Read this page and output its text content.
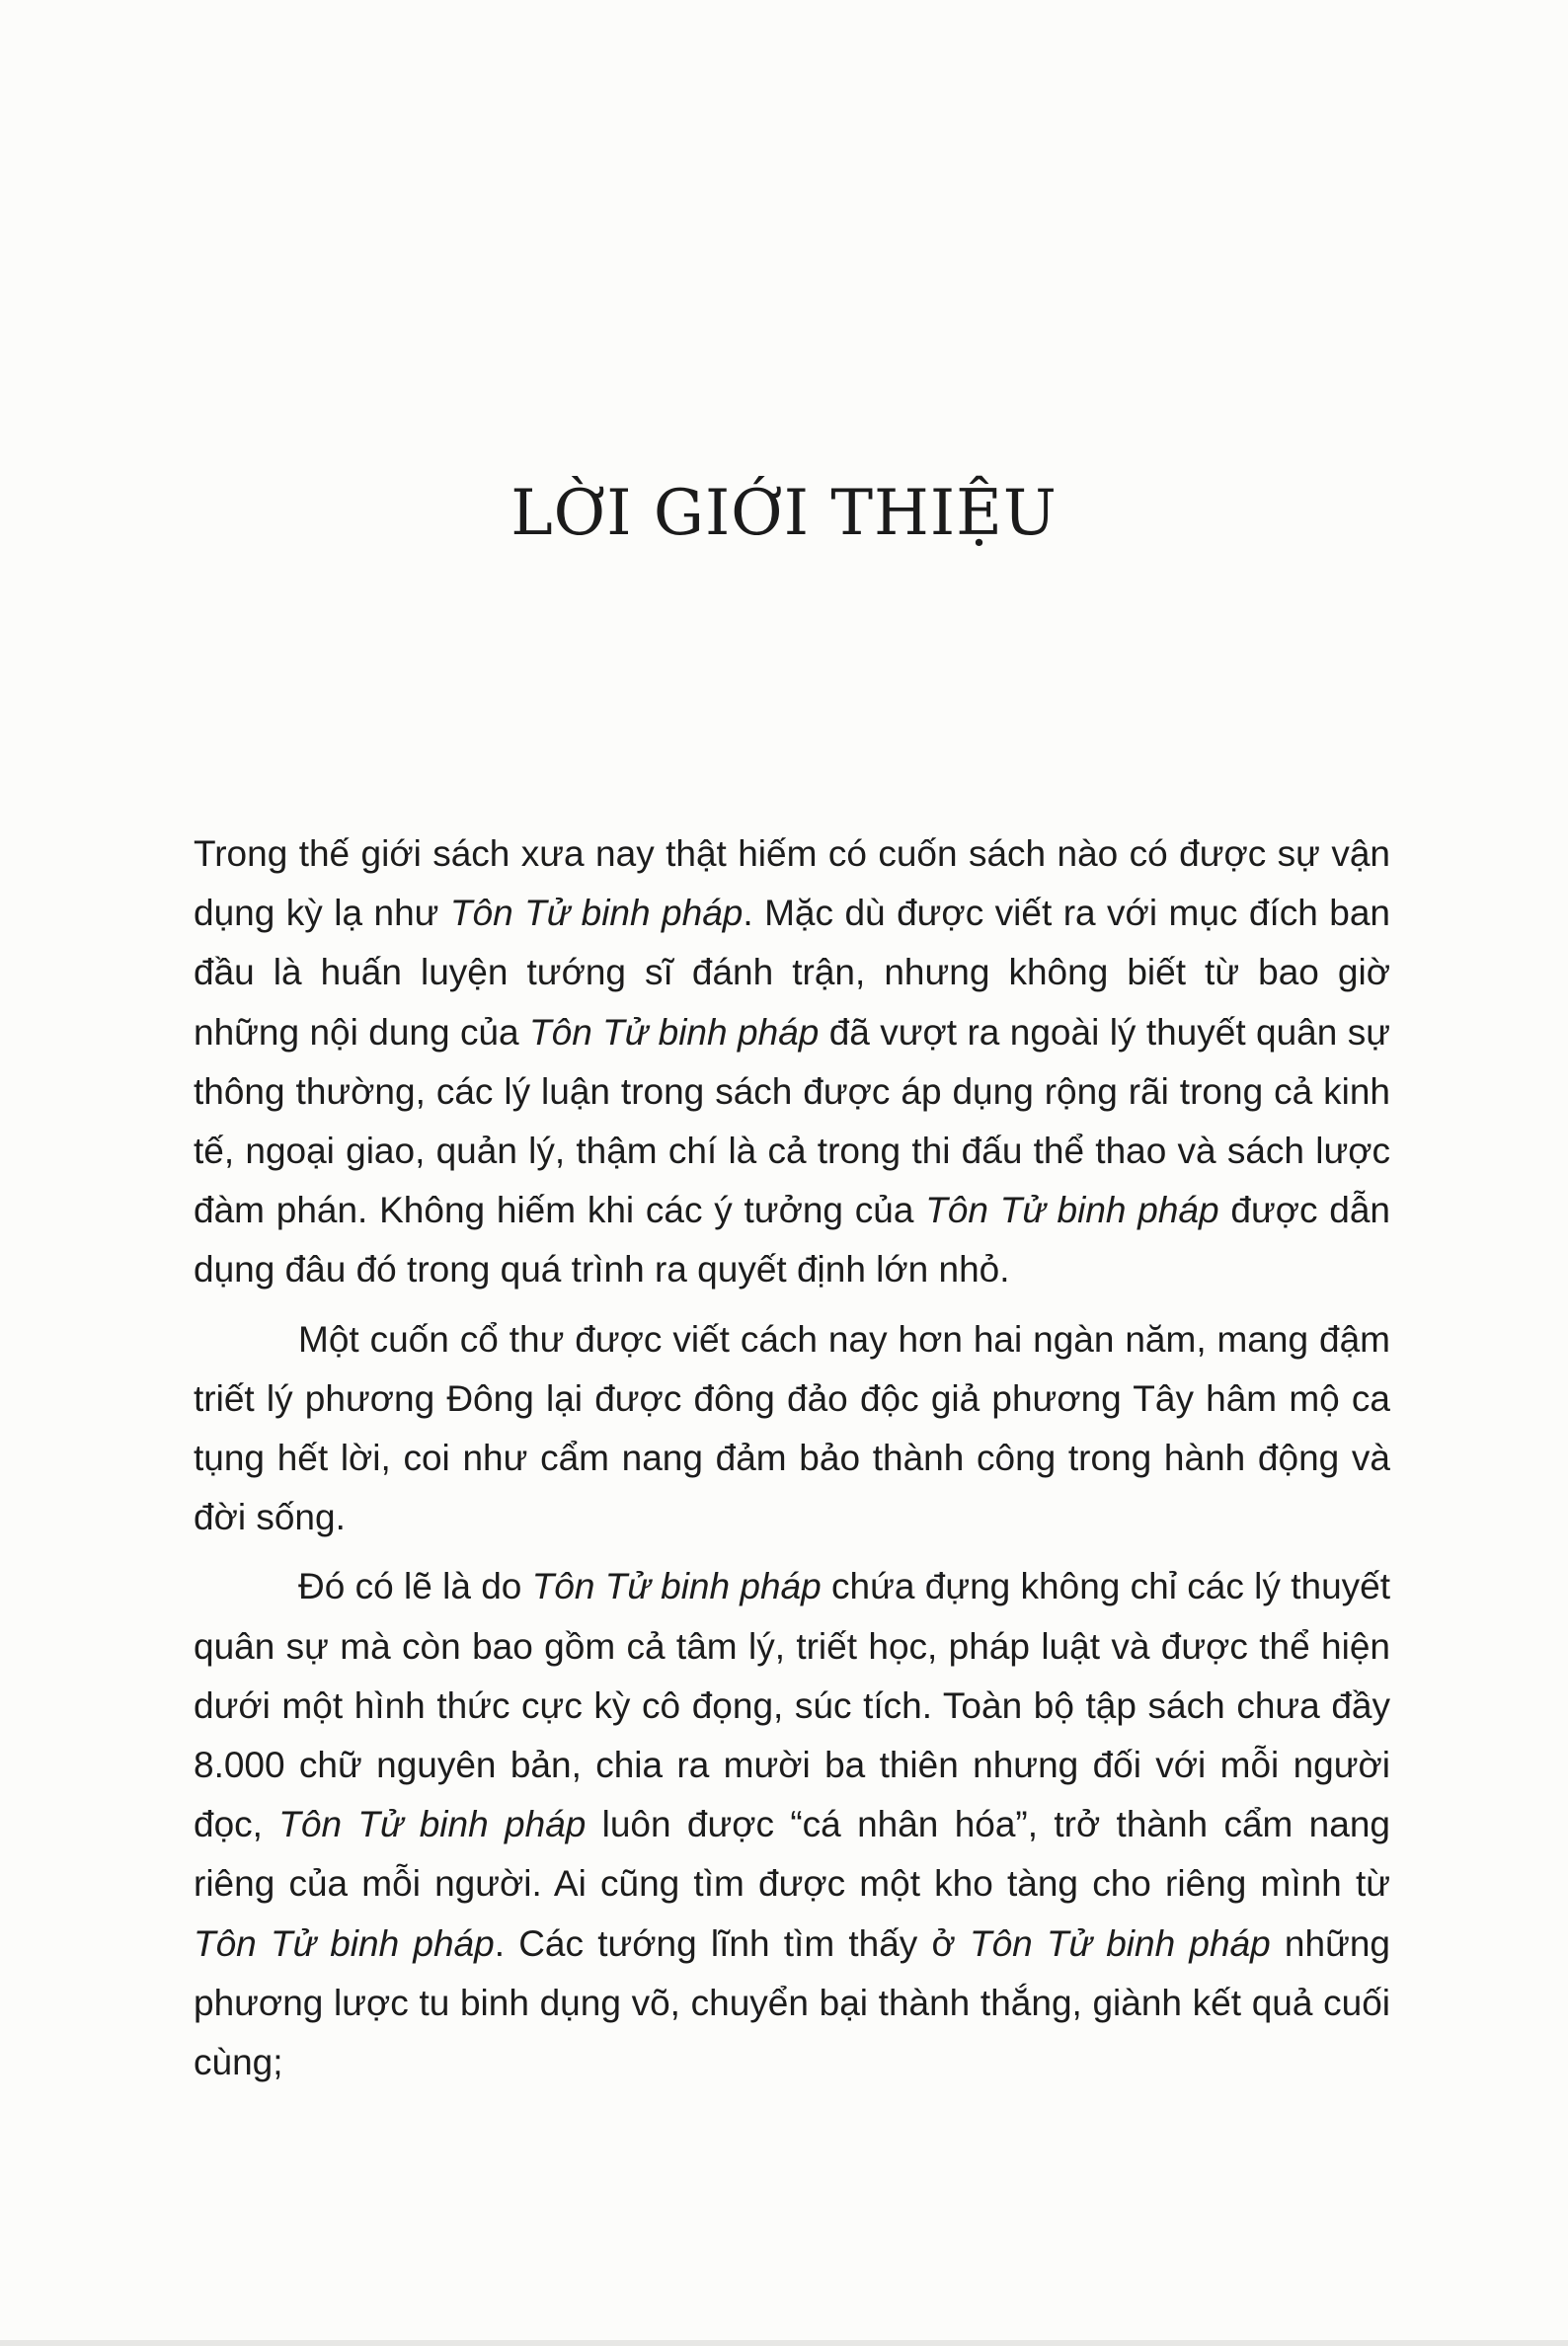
LỜI GIỚI THIỆU

Trong thế giới sách xưa nay thật hiếm có cuốn sách nào có được sự vận dụng kỳ lạ như Tôn Tử binh pháp. Mặc dù được viết ra với mục đích ban đầu là huấn luyện tướng sĩ đánh trận, nhưng không biết từ bao giờ những nội dung của Tôn Tử binh pháp đã vượt ra ngoài lý thuyết quân sự thông thường, các lý luận trong sách được áp dụng rộng rãi trong cả kinh tế, ngoại giao, quản lý, thậm chí là cả trong thi đấu thể thao và sách lược đàm phán. Không hiếm khi các ý tưởng của Tôn Tử binh pháp được dẫn dụng đâu đó trong quá trình ra quyết định lớn nhỏ.

Một cuốn cổ thư được viết cách nay hơn hai ngàn năm, mang đậm triết lý phương Đông lại được đông đảo độc giả phương Tây hâm mộ ca tụng hết lời, coi như cẩm nang đảm bảo thành công trong hành động và đời sống.

Đó có lẽ là do Tôn Tử binh pháp chứa đựng không chỉ các lý thuyết quân sự mà còn bao gồm cả tâm lý, triết học, pháp luật và được thể hiện dưới một hình thức cực kỳ cô đọng, súc tích. Toàn bộ tập sách chưa đầy 8.000 chữ nguyên bản, chia ra mười ba thiên nhưng đối với mỗi người đọc, Tôn Tử binh pháp luôn được “cá nhân hóa”, trở thành cẩm nang riêng của mỗi người. Ai cũng tìm được một kho tàng cho riêng mình từ Tôn Tử binh pháp. Các tướng lĩnh tìm thấy ở Tôn Tử binh pháp những phương lược tu binh dụng võ, chuyển bại thành thắng, giành kết quả cuối cùng;
